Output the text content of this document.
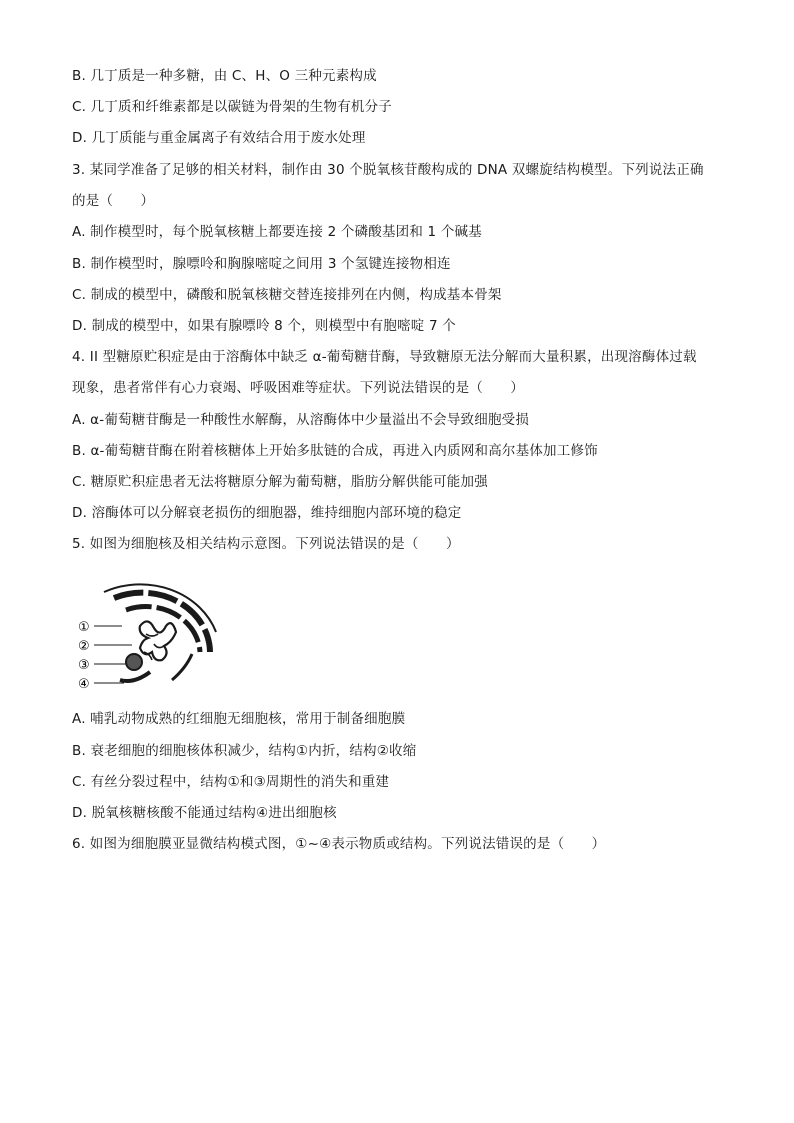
B. 几丁质是一种多糖，由 C、H、O 三种元素构成
C. 几丁质和纤维素都是以碳链为骨架的生物有机分子
D. 几丁质能与重金属离子有效结合用于废水处理
3. 某同学准备了足够的相关材料，制作由 30 个脱氧核苷酸构成的 DNA 双螺旋结构模型。下列说法正确
的是（　　）
A. 制作模型时，每个脱氧核糖上都要连接 2 个磷酸基团和 1 个碱基
B. 制作模型时，腺嘌呤和胸腺嘧啶之间用 3 个氢键连接物相连
C. 制成的模型中，磷酸和脱氧核糖交替连接排列在内侧，构成基本骨架
D. 制成的模型中，如果有腺嘌呤 8 个，则模型中有胞嘧啶 7 个
4. II 型糖原贮积症是由于溶酶体中缺乏 α-葡萄糖苷酶，导致糖原无法分解而大量积累，出现溶酶体过载
现象，患者常伴有心力衰竭、呼吸困难等症状。下列说法错误的是（　　）
A. α-葡萄糖苷酶是一种酸性水解酶，从溶酶体中少量溢出不会导致细胞受损
B. α-葡萄糖苷酶在附着核糖体上开始多肽链的合成，再进入内质网和高尔基体加工修饰
C. 糖原贮积症患者无法将糖原分解为葡萄糖，脂肪分解供能可能加强
D. 溶酶体可以分解衰老损伤的细胞器，维持细胞内部环境的稳定
5. 如图为细胞核及相关结构示意图。下列说法错误的是（　　）
①
②
③
④
A. 哺乳动物成熟的红细胞无细胞核，常用于制备细胞膜
B. 衰老细胞的细胞核体积减少，结构①内折，结构②收缩
C. 有丝分裂过程中，结构①和③周期性的消失和重建
D. 脱氧核糖核酸不能通过结构④进出细胞核
6. 如图为细胞膜亚显微结构模式图，①~④表示物质或结构。下列说法错误的是（　　）
